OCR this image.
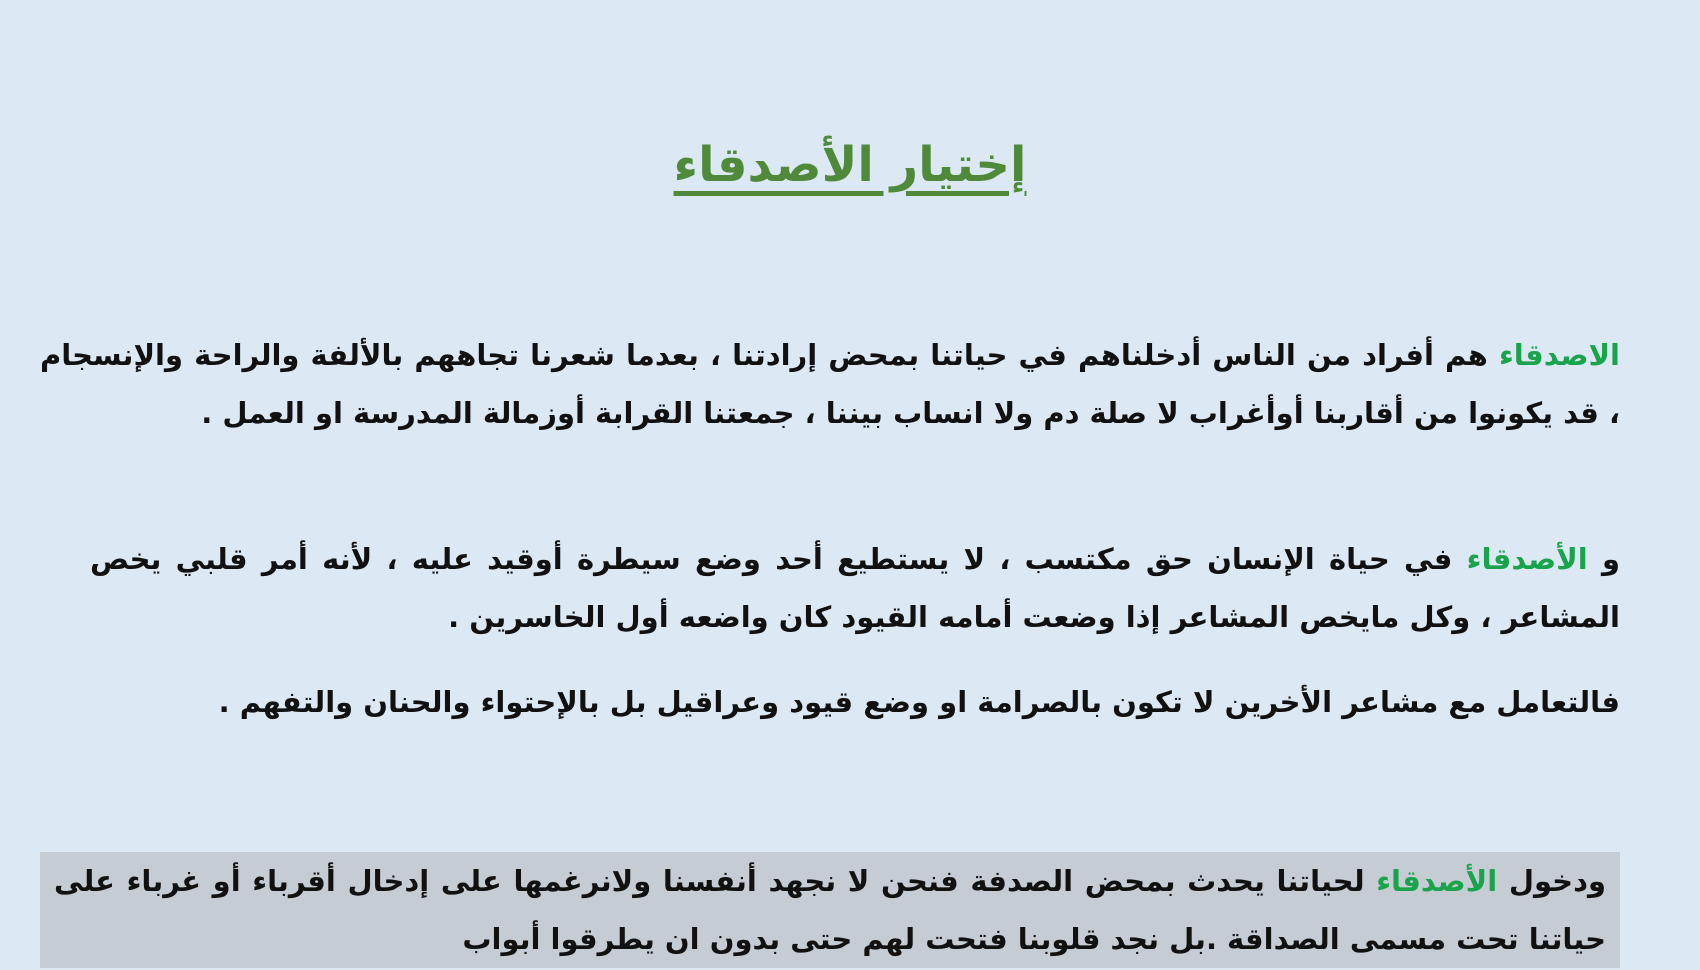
إختيار الأصدقاء

الاصدقاء هم أفراد من الناس أدخلناهم في حياتنا بمحض إرادتنا ، بعدما شعرنا تجاههم بالألفة والراحة والإنسجام ، قد يكونوا من أقاربنا أوأغراب لا صلة دم ولا انساب بيننا ، جمعتنا القرابة أوزمالة المدرسة او العمل .

و الأصدقاء في حياة الإنسان حق مكتسب ، لا يستطيع أحد وضع سيطرة أوقيد عليه ، لأنه أمر قلبي يخص المشاعر ، وكل مايخص المشاعر إذا وضعت أمامه القيود كان واضعه أول الخاسرين .

فالتعامل مع مشاعر الأخرين لا تكون بالصرامة او وضع قيود وعراقيل بل بالإحتواء والحنان والتفهم .

ودخول الأصدقاء لحياتنا يحدث بمحض الصدفة فنحن لا نجهد أنفسنا ولانرغمها على إدخال أقرباء أو غرباء على حياتنا تحت مسمى الصداقة .بل نجد قلوبنا فتحت لهم حتى بدون ان يطرقوا أبواب
